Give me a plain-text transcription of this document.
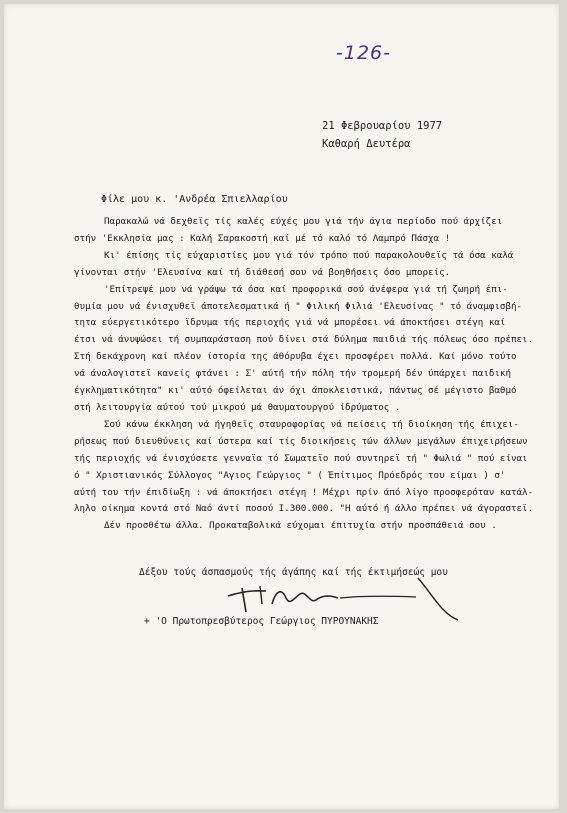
-126-
21 Φεβρουαρίου 1977
Καθαρή Δευτέρα
Φίλε μου κ. 'Ανδρέα Σπιελλαρίου
Παρακαλώ νά δεχθεϊς τίς καλές εύχές μου γιά τήν άγια περίοδο πού άρχίζει
στήν 'Εκκλησία μας : Καλή Σαρακοστή καί μέ τό καλό τό Λαμπρό Πάσχα !
Κι' έπίσης τίς εύχαριστίες μου γιά τόν τρόπο πού παρακολουθεϊς τά όσα καλά
γίνονται στήν 'Ελευσίνα καί τή διάθεσή σου νά βοηθήσεις όσο μπορείς.
'Επίτρεψέ μου νά γράψω τά όσα καί προφορικά σού άνέφερα γιά τή ζωηρή έπι-
θυμία μου νά ένισχυθεϊ άποτελεσματικά ή " Φιλική Φιλιά 'Ελευσίνας " τό άναμφισβή-
τητα εύεργετικότερο ϊδρυμα τής περιοχής γιά νά μπορέσει νά άποκτήσει στέγη καί
έτσι νά άνυψώσει τή συμπαράσταση πού δίνει στά δύλημα παιδιά τής πόλεως όσο πρέπει.
Στή δεκάχρονη καί πλέον ίστορία της άθόρυβα έχει προσφέρει πολλά. Καί μόνο τούτο
νά άναλογιστεϊ κανείς φτάνει : Σ' αύτή τήν πόλη τήν τρομερή δέν ύπάρχει παιδική
έγκληματικότητα" κι' αύτό όφείλεται άν όχι άποκλειστικά, πάντως σέ μέγιστο βαθμό
στή λειτουργία αύτού τού μικρού μά θαυματουργού ίδρύματος .
Σού κάνω έκκληση νά ήγηθεϊς σταυροφορίας νά πείσεις τή διοίκηση τής έπιχει-
ρήσεως πού διευθύνεις καί ύστερα καί τίς διοικήσεις τών άλλων μεγάλων έπιχειρήσεων
τής περιοχής νά ένισχύσετε γενναϊα τό Σωματεϊο πού συντηρεϊ τή " Φωλιά " πού είναι
ό " Χριστιανικός Σύλλογος "Αγιος Γεώργιος " ( Έπίτιμος Πρόεδρός του είμαι ) σ'
αύτή του τήν έπιδίωξη : νά άποκτήσει στέγη ! Μέχρι πρίν άπό λίγο προσφερόταν κατάλ-
ληλο οίκημα κοντά στό Ναό άντί ποσού Ι.300.000. "Η αύτό ή άλλο πρέπει νά άγοραστεϊ.
Δέν προσθέτω άλλα. Προκαταβολικά εύχομαι έπιτυχία στήν προσπάθειά σου .
Δέξου τούς άσπασμούς τής άγάπης καί τής έκτιμήσεώς μου
+ 'Ο Πρωτοπρεσβύτερος Γεώργιος ΠΥΡΟΥΝΑΚΗΣ
